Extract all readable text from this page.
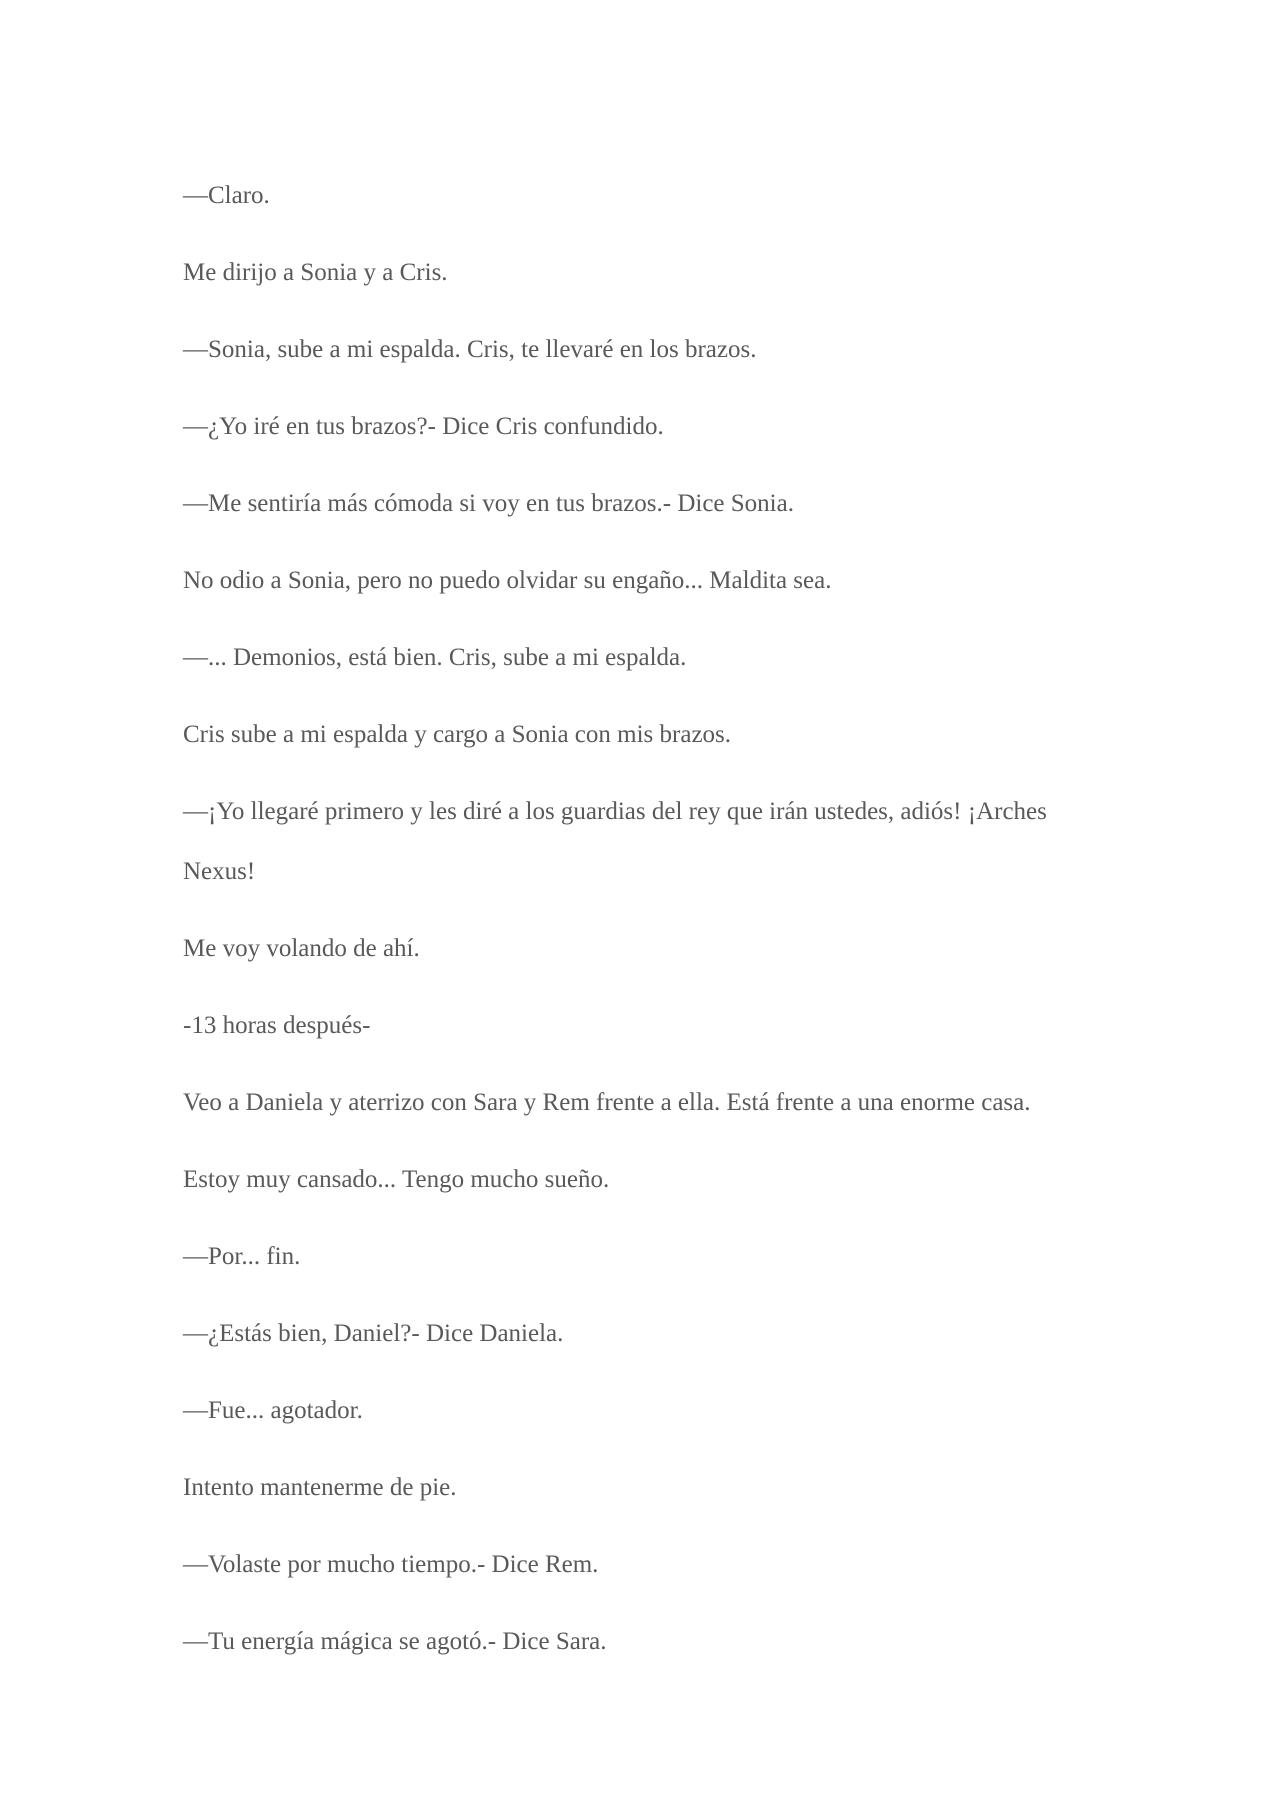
—Claro.

Me dirijo a Sonia y a Cris.

—Sonia, sube a mi espalda. Cris, te llevaré en los brazos.

—¿Yo iré en tus brazos?- Dice Cris confundido.

—Me sentiría más cómoda si voy en tus brazos.- Dice Sonia.

No odio a Sonia, pero no puedo olvidar su engaño... Maldita sea.

—... Demonios, está bien. Cris, sube a mi espalda.

Cris sube a mi espalda y cargo a Sonia con mis brazos.

—¡Yo llegaré primero y les diré a los guardias del rey que irán ustedes, adiós! ¡Arches Nexus!

Me voy volando de ahí.

-13 horas después-

Veo a Daniela y aterrizo con Sara y Rem frente a ella. Está frente a una enorme casa.

Estoy muy cansado... Tengo mucho sueño.

—Por... fin.

—¿Estás bien, Daniel?- Dice Daniela.

—Fue... agotador.

Intento mantenerme de pie.

—Volaste por mucho tiempo.- Dice Rem.

—Tu energía mágica se agotó.- Dice Sara.
